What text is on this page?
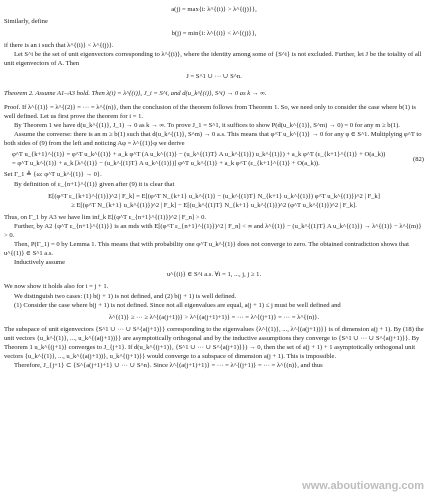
a(j) = max{i: λ^{(i)} > λ^{(j)}},

Similarly, define

b(j) = min{i: λ^{(i)} < λ^{(j)}},

if there is an i such that λ^{(i)} < λ^{(j)}.

Let S^i be the set of unit eigenvectors corresponding to λ^{(i)}, where the identity among some of {S^i} is not excluded. Further, let J be the totality of all unit eigenvectors of A. Then

J = S^1 ∪ ··· ∪ S^n.

Theorem 2. Assume A1–A3 hold. Then λ(i) = λ^{(i)}, J_i = S^i, and d(u_k^{(i)}, S^i) → 0 as k → ∞.

Proof. If λ^{(1)} = λ^{(2)} = ··· = λ^{(n)}, then the conclusion of the theorem follows from Theorem 1. So, we need only to consider the case where b(1) is well defined. Let us first prove the theorem for i = 1.

By Theorem 1 we have d(u_k^{(1)}, J_1) → 0 as k → ∞. To prove J_1 = S^1, it suffices to show P(d(u_k^{(1)}, S^m) → 0) = 0 for any m ≥ b(1).

Assume the converse: there is an m ≥ b(1) such that d(u_k^{(1)}, S^m) → 0 a.s. This means that φ^T u_k^{(1)} → 0 for any φ ∈ S^1. Multiplying φ^T to both sides of (9) from the left and noticing Aφ = λ^{(1)}φ we derive

φ^T u_{k+1}^{(1)} = φ^T u_k^{(1)} + a_k φ^T (A u_k^{(1)} − (u_k^{(1)T} A u_k^{(1)}) u_k^{(1)}) + a_k φ^T (ε_{k+1}^{(1)} + O(a_k))

= φ^T u_k^{(1)} + a_k [λ^{(1)} − (u_k^{(1)T} A u_k^{(1)})] φ^T u_k^{(1)} + a_k φ^T (ε_{k+1}^{(1)} + O(a_k)).

(82)

Set Γ_1 ≜ {ω: φ^T u_k^{(1)} → 0}.

By definition of ε_{n+1}^{(1)} given after (9) it is clear that

E[(φ^T ε_{k+1}^{(1)})^2 | F_k] = E[(φ^T N_{k+1} u_k^{(1)} − (u_k^{(1)T} N_{k+1} u_k^{(1)}) φ^T u_k^{(1)})^2 | F_k]

≥ E[(φ^T N_{k+1} u_k^{(1)})^2 | F_k] − E[(u_k^{(1)T} N_{k+1} u_k^{(1)})^2 (φ^T u_k^{(1)})^2 | F_k].

Thus, on Γ_1 by A3 we have lim inf_k E[(φ^T ε_{n+1}^{(1)})^2 | F_n] > 0.

Further, by A2 {φ^T ε_{n+1}^{(1)}} is an mds with E[(φ^T ε_{n+1}^{(1)})^2 | F_n] < ∞ and λ^{(1)} − (u_k^{(1)T} A u_k^{(1)}) → λ^{(1)} − λ^{(m)} > 0.

Then, P(Γ_1) = 0 by Lemma 1. This means that with probability one φ^T u_k^{(1)} does not converge to zero. The obtained contradiction shows that u^{(1)} ∈ S^1 a.s.

Inductively assume

u^{(i)} ∈ S^i a.s. ∀i = 1, ..., j, j ≥ 1.

We now show it holds also for i = j + 1.

We distinguish two cases: (1) b(j + 1) is not defined, and (2) b(j + 1) is well defined.

(1) Consider the case where b(j + 1) is not defined. Since not all eigenvalues are equal, a(j + 1) ≤ j must be well defined and

λ^{(1)} ≥ ··· ≥ λ^{(a(j+1))} > λ^{(a(j+1)+1)} = ··· = λ^{(j+1)} = ··· = λ^{(n)}.

The subspace of unit eigenvectors {S^1 ∪ ··· ∪ S^{a(j+1)}} corresponding to the eigenvalues {λ^{(1)}, ..., λ^{(a(j+1))}} is of dimension a(j + 1). By (18) the unit vectors {u_k^{(1)}, ..., u_k^{(a(j+1))}} are asymptotically orthogonal and by the inductive assumptions they converge to {S^1 ∪ ··· ∪ S^{a(j+1)}}. By Theorem 1 u_k^{(j+1)} converges to J_{j+1}. If d(u_k^{(j+1)}, {S^1 ∪ ··· ∪ S^{a(j+1)}}) → 0, then the set of a(j + 1) + 1 asymptotically orthogonal unit vectors {u_k^{(1)}, ..., u_k^{(a(j+1))}, u_k^{(j+1)}} would converge to a subspace of dimension a(j + 1). This is impossible.

Therefore, J_{j+1} ⊂ {S^{a(j+1)+1} ∪ ··· ∪ S^n}. Since λ^{(a(j+1)+1)} = ··· = λ^{(j+1)} = ··· = λ^{(n)}, and thus

www.aboutiowang.com
